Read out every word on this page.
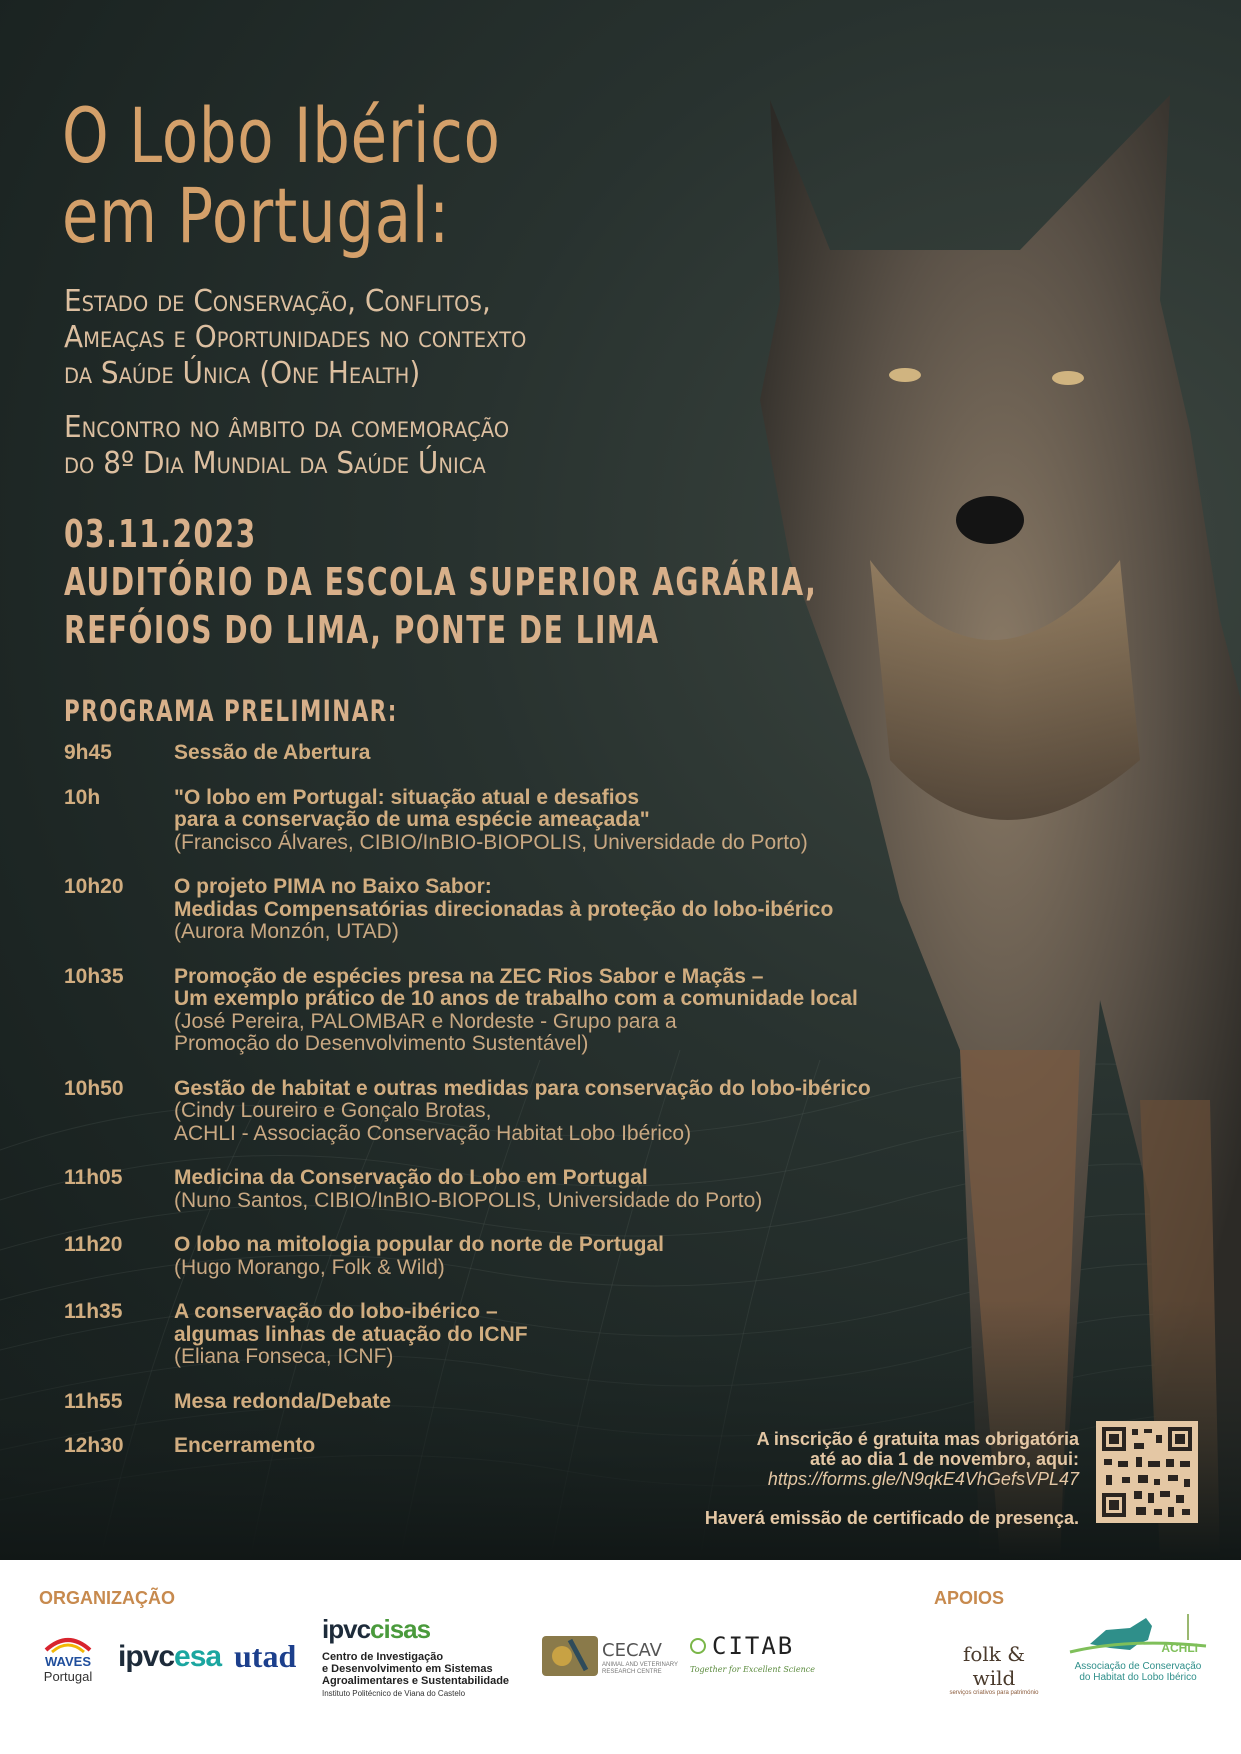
O Lobo Ibérico
em Portugal:
Estado de Conservação, Conflitos,
Ameaças e Oportunidades no contexto
da Saúde Única (One Health)
Encontro no âmbito da comemoração
do 8º Dia Mundial da Saúde Única
03.11.2023
AUDITÓRIO DA ESCOLA SUPERIOR AGRÁRIA,
REFÓIOS DO LIMA, PONTE DE LIMA
PROGRAMA PRELIMINAR:
9h45	Sessão de Abertura
10h	"O lobo em Portugal: situação atual e desafios
para a conservação de uma espécie ameaçada"
(Francisco Álvares, CIBIO/InBIO-BIOPOLIS, Universidade do Porto)
10h20	O projeto PIMA no Baixo Sabor:
Medidas Compensatórias direcionadas à proteção do lobo-ibérico
(Aurora Monzón, UTAD)
10h35	Promoção de espécies presa na ZEC Rios Sabor e Maçãs –
Um exemplo prático de 10 anos de trabalho com a comunidade local
(José Pereira, PALOMBAR e Nordeste - Grupo para a
Promoção do Desenvolvimento Sustentável)
10h50	Gestão de habitat e outras medidas para conservação do lobo-ibérico
(Cindy Loureiro e Gonçalo Brotas,
ACHLI - Associação Conservação Habitat Lobo Ibérico)
11h05	Medicina da Conservação do Lobo em Portugal
(Nuno Santos, CIBIO/InBIO-BIOPOLIS, Universidade do Porto)
11h20	O lobo na mitologia popular do norte de Portugal
(Hugo Morango, Folk & Wild)
11h35	A conservação do lobo-ibérico –
algumas linhas de atuação do ICNF
(Eliana Fonseca, ICNF)
11h55	Mesa redonda/Debate
12h30	Encerramento	A inscrição é gratuita mas obrigatória
até ao dia 1 de novembro, aqui:
https://forms.gle/N9qkE4VhGefsVPL47
Haverá emissão de certificado de presença.
ORGANIZAÇÃO	APOIOS
WAVES
Portugal
ipvcesa utad
ipvccisas
Centro de Investigação
e Desenvolvimento em Sistemas
Agroalimentares e Sustentabilidade
Instituto Politécnico de Viana do Castelo
CECAV
ANIMAL AND VETERINARY
RESEARCH CENTRE
CITAB
Together for Excellent Science
folk & wild
serviços criativos para património
ACHLI
Associação de Conservação
do Habitat do Lobo Ibérico
